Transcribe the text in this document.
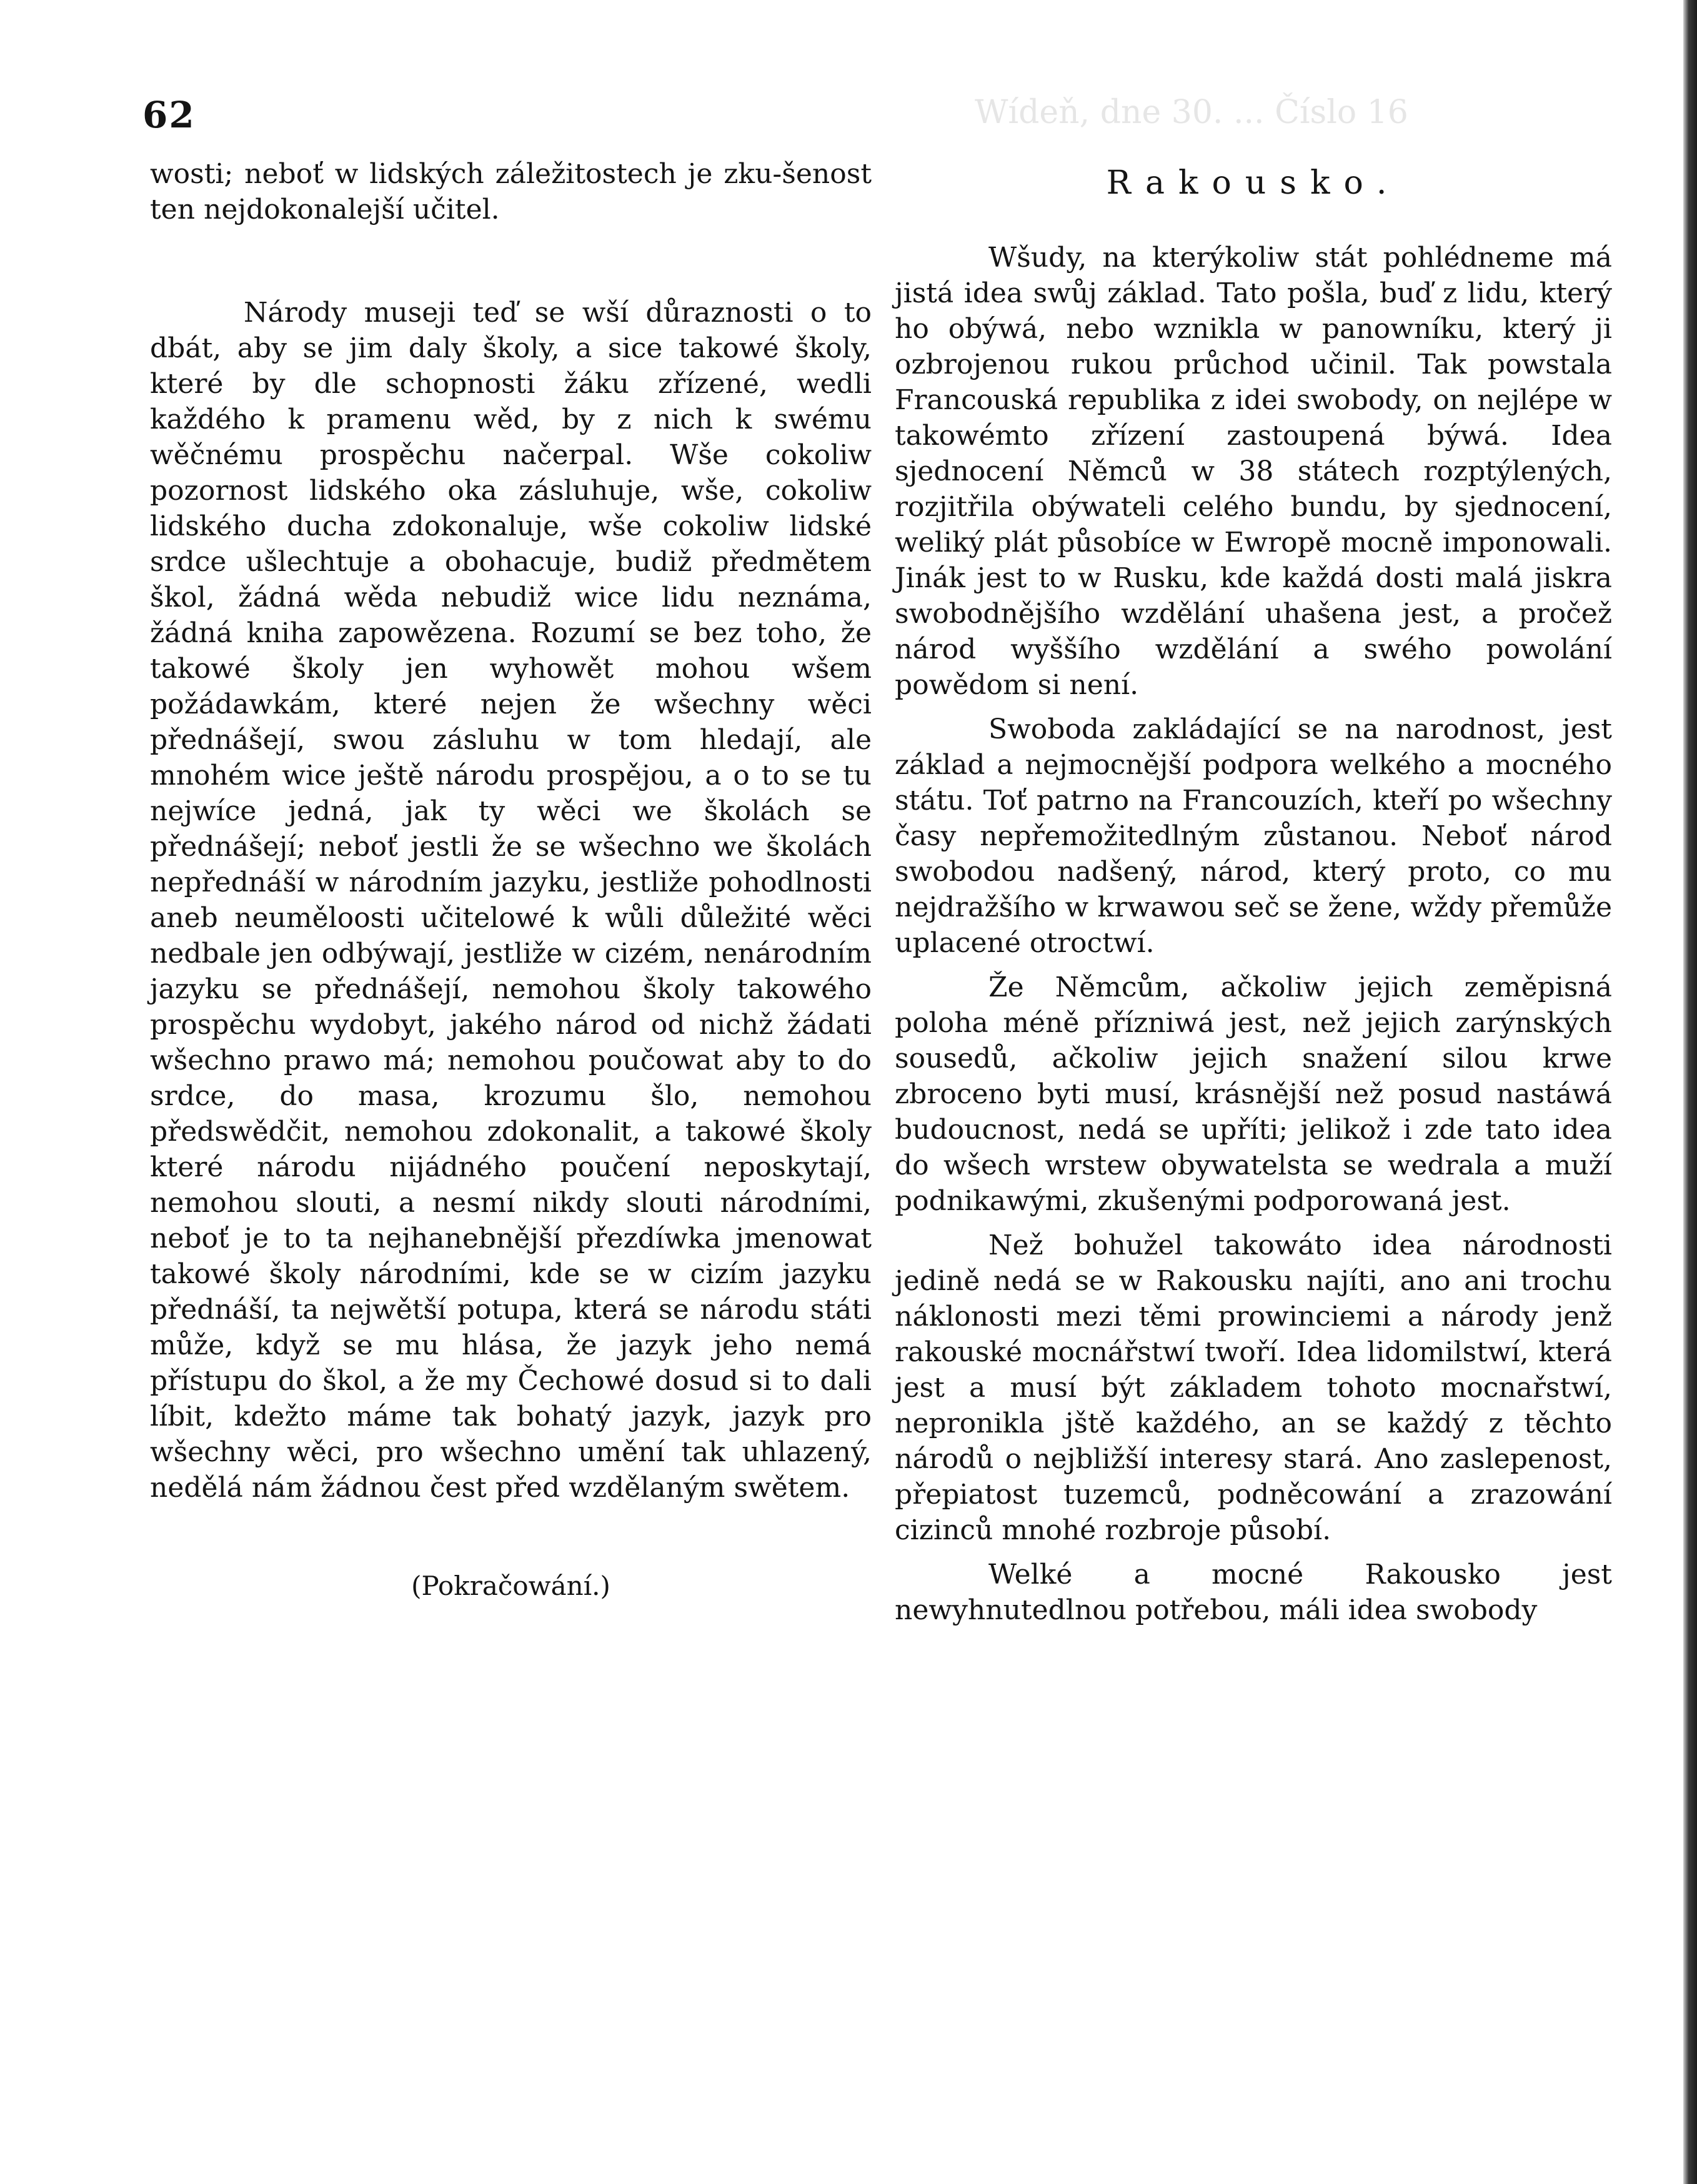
62	Wídeň, dne 30. ... Číslo 16

wosti; neboť w lidských záležitostech je zku-šenost ten nejdokonalejší učitel.

Národy museji teď se wší důraznosti o to dbát, aby se jim daly školy, a sice takowé školy, které by dle schopnosti žáku zřízené, wedli každého k pramenu wěd, by z nich k swému wěčnému prospěchu načerpal. Wše cokoliw pozornost lidského oka zásluhuje, wše, cokoliw lidského ducha zdokonaluje, wše cokoliw lidské srdce ušlechtuje a obohacuje, budiž předmětem škol, žádná wěda nebudiž wice lidu neznáma, žádná kniha zapowězena. Rozumí se bez toho, že takowé školy jen wyhowět mohou wšem požádawkám, které nejen že wšechny wěci přednášejí, swou zásluhu w tom hledají, ale mnohém wice ještě národu prospějou, a o to se tu nejwíce jedná, jak ty wěci we školách se přednášejí; neboť jestli že se wšechno we školách nepřednáší w národním jazyku, jestliže pohodlnosti aneb neuměloosti učitelowé k wůli důležité wěci nedbale jen odbýwají, jestliže w cizém, nenárodním jazyku se přednášejí, nemohou školy takowého prospěchu wydobyt, jakého národ od nichž žádati wšechno prawo má; nemohou poučowat aby to do srdce, do masa, krozumu šlo, nemohou předswědčit, nemohou zdokonalit, a takowé školy které národu nijádného poučení neposkytají, nemohou slouti, a nesmí nikdy slouti národními, neboť je to ta nejhanebnější přezdíwka jmenowat takowé školy národními, kde se w cizím jazyku přednáší, ta nejwětší potupa, která se národu státi může, když se mu hlása, že jazyk jeho nemá přístupu do škol, a že my Čechowé dosud si to dali líbit, kdežto máme tak bohatý jazyk, jazyk pro wšechny wěci, pro wšechno umění tak uhlazený, nedělá nám žádnou čest před wzdělaným swětem.

(Pokračowání.)

Rakousko.

Wšudy, na kterýkoliw stát pohlédneme má jistá idea swůj základ. Tato pošla, buď z lidu, který ho obýwá, nebo wznikla w panowníku, který ji ozbrojenou rukou průchod učinil. Tak powstala Francouská republika z idei swobody, on nejlépe w takowémto zřízení zastoupená býwá. Idea sjednocení Němců w 38 státech rozptýlených, rozjitřila obýwateli celého bundu, by sjednocení, weliký plát působíce w Ewropě mocně imponowali. Jinák jest to w Rusku, kde každá dosti malá jiskra swobodnějšího wzdělání uhašena jest, a pročež národ wyššího wzdělání a swého powolání powědom si není.

Swoboda zakládající se na narodnost, jest základ a nejmocnější podpora welkého a mocného státu. Toť patrno na Francouzích, kteří po wšechny časy nepřemožitedlným zůstanou. Neboť národ swobodou nadšený, národ, který proto, co mu nejdražšího w krwawou seč se žene, wždy přemůže uplacené otroctwí.

Že Němcům, ačkoliw jejich zeměpisná poloha méně příznіwá jest, než jejich zarýnských sousedů, ačkoliw jejich snažení silou krwe zbroceno byti musí, krásnější než posud nastáwá budoucnost, nedá se upříti; jelikož i zde tato idea do wšech wrstew obywatelsta se wedrala a muží podnikawými, zkušenými podporowaná jest.

Než bohužel takowáto idea národnosti jedině nedá se w Rakousku najíti, ano ani trochu náklonosti mezi těmi prowinciemi a národy jenž rakouské mocnářstwí twoří. Idea lidomilstwí, která jest a musí být základem tohoto mocnařstwí, nepronikla jště každého, an se každý z těchto národů o nejbližší interesy stará. Ano zaslepenost, přepiatost tuzemců, podněcowání a zrazowání cizinců mnohé rozbroje působí.

Welké a mocné Rakousko jest newyhnutedlnou potřebou, máli idea swobody
